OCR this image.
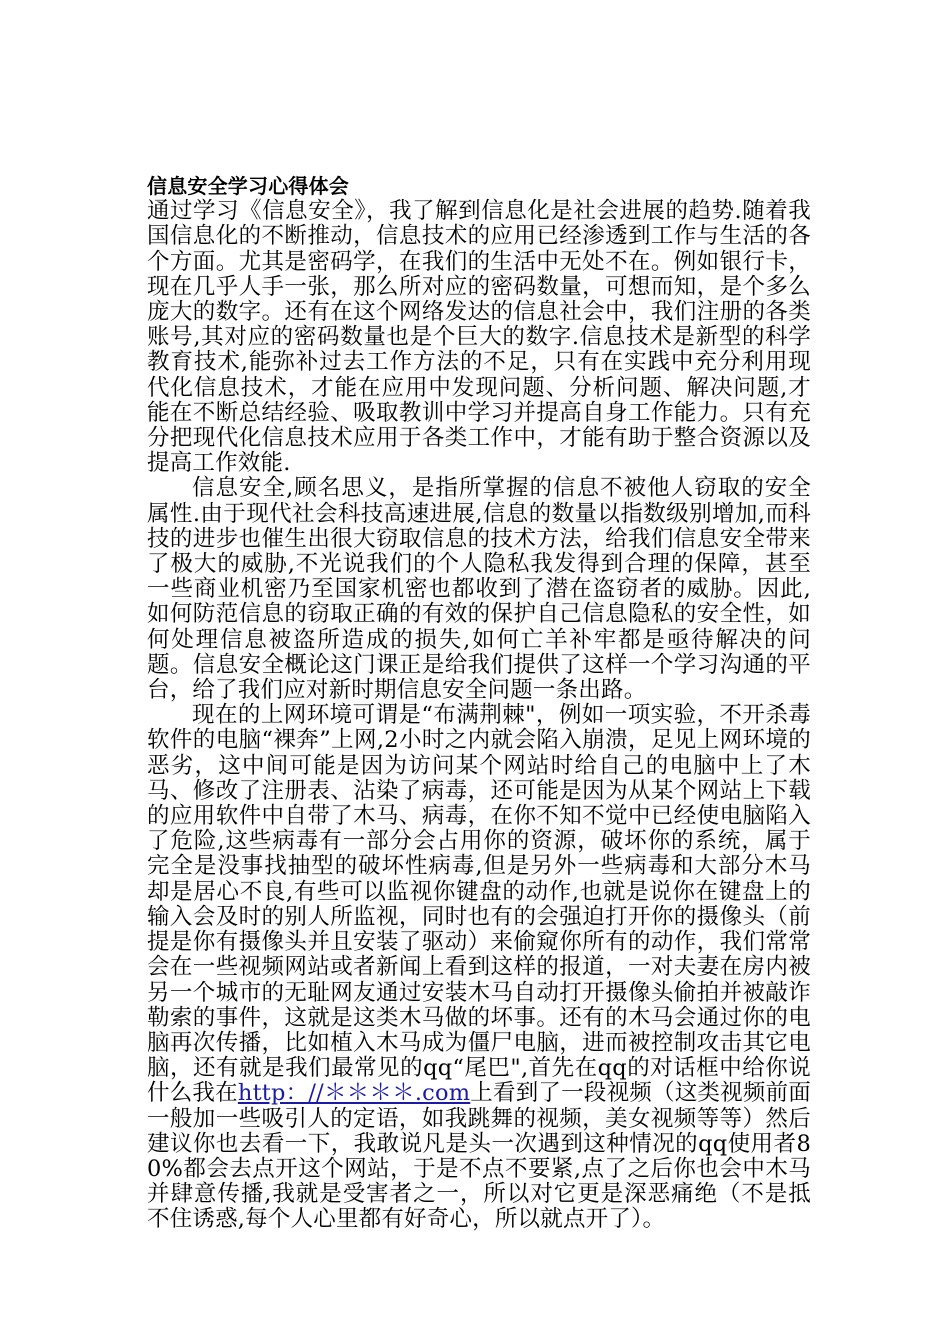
信息安全学习心得体会

通过学习《信息安全》，我了解到信息化是社会进展的趋势.随着我国信息化的不断推动，信息技术的应用已经渗透到工作与生活的各个方面。尤其是密码学，在我们的生活中无处不在。例如银行卡，现在几乎人手一张，那么所对应的密码数量，可想而知，是个多么庞大的数字。还有在这个网络发达的信息社会中，我们注册的各类账号,其对应的密码数量也是个巨大的数字.信息技术是新型的科学教育技术,能弥补过去工作方法的不足，只有在实践中充分利用现代化信息技术，才能在应用中发现问题、分析问题、解决问题,才能在不断总结经验、吸取教训中学习并提高自身工作能力。只有充分把现代化信息技术应用于各类工作中，才能有助于整合资源以及提高工作效能.

信息安全,顾名思义，是指所掌握的信息不被他人窃取的安全属性.由于现代社会科技高速进展,信息的数量以指数级别增加,而科技的进步也催生出很大窃取信息的技术方法，给我们信息安全带来了极大的威胁,不光说我们的个人隐私我发得到合理的保障，甚至一些商业机密乃至国家机密也都收到了潜在盗窃者的威胁。因此,如何防范信息的窃取正确的有效的保护自己信息隐私的安全性，如何处理信息被盗所造成的损失,如何亡羊补牢都是亟待解决的问题。信息安全概论这门课正是给我们提供了这样一个学习沟通的平台，给了我们应对新时期信息安全问题一条出路。

现在的上网环境可谓是“布满荆棘"，例如一项实验，不开杀毒软件的电脑“裸奔”上网,2小时之内就会陷入崩溃，足见上网环境的恶劣，这中间可能是因为访问某个网站时给自己的电脑中上了木马、修改了注册表、沾染了病毒，还可能是因为从某个网站上下载的应用软件中自带了木马、病毒，在你不知不觉中已经使电脑陷入了危险,这些病毒有一部分会占用你的资源，破坏你的系统，属于完全是没事找抽型的破坏性病毒,但是另外一些病毒和大部分木马却是居心不良,有些可以监视你键盘的动作,也就是说你在键盘上的输入会及时的别人所监视，同时也有的会强迫打开你的摄像头（前提是你有摄像头并且安装了驱动）来偷窥你所有的动作，我们常常会在一些视频网站或者新闻上看到这样的报道，一对夫妻在房内被另一个城市的无耻网友通过安装木马自动打开摄像头偷拍并被敲诈勒索的事件，这就是这类木马做的坏事。还有的木马会通过你的电脑再次传播，比如植入木马成为僵尸电脑，进而被控制攻击其它电脑，还有就是我们最常见的qq“尾巴",首先在qq的对话框中给你说什么我在http：//＊＊＊＊.com上看到了一段视频（这类视频前面一般加一些吸引人的定语，如我跳舞的视频，美女视频等等）然后建议你也去看一下，我敢说凡是头一次遇到这种情况的qq使用者80%都会去点开这个网站，于是不点不要紧,点了之后你也会中木马并肆意传播,我就是受害者之一，所以对它更是深恶痛绝（不是抵不住诱惑,每个人心里都有好奇心，所以就点开了）。
